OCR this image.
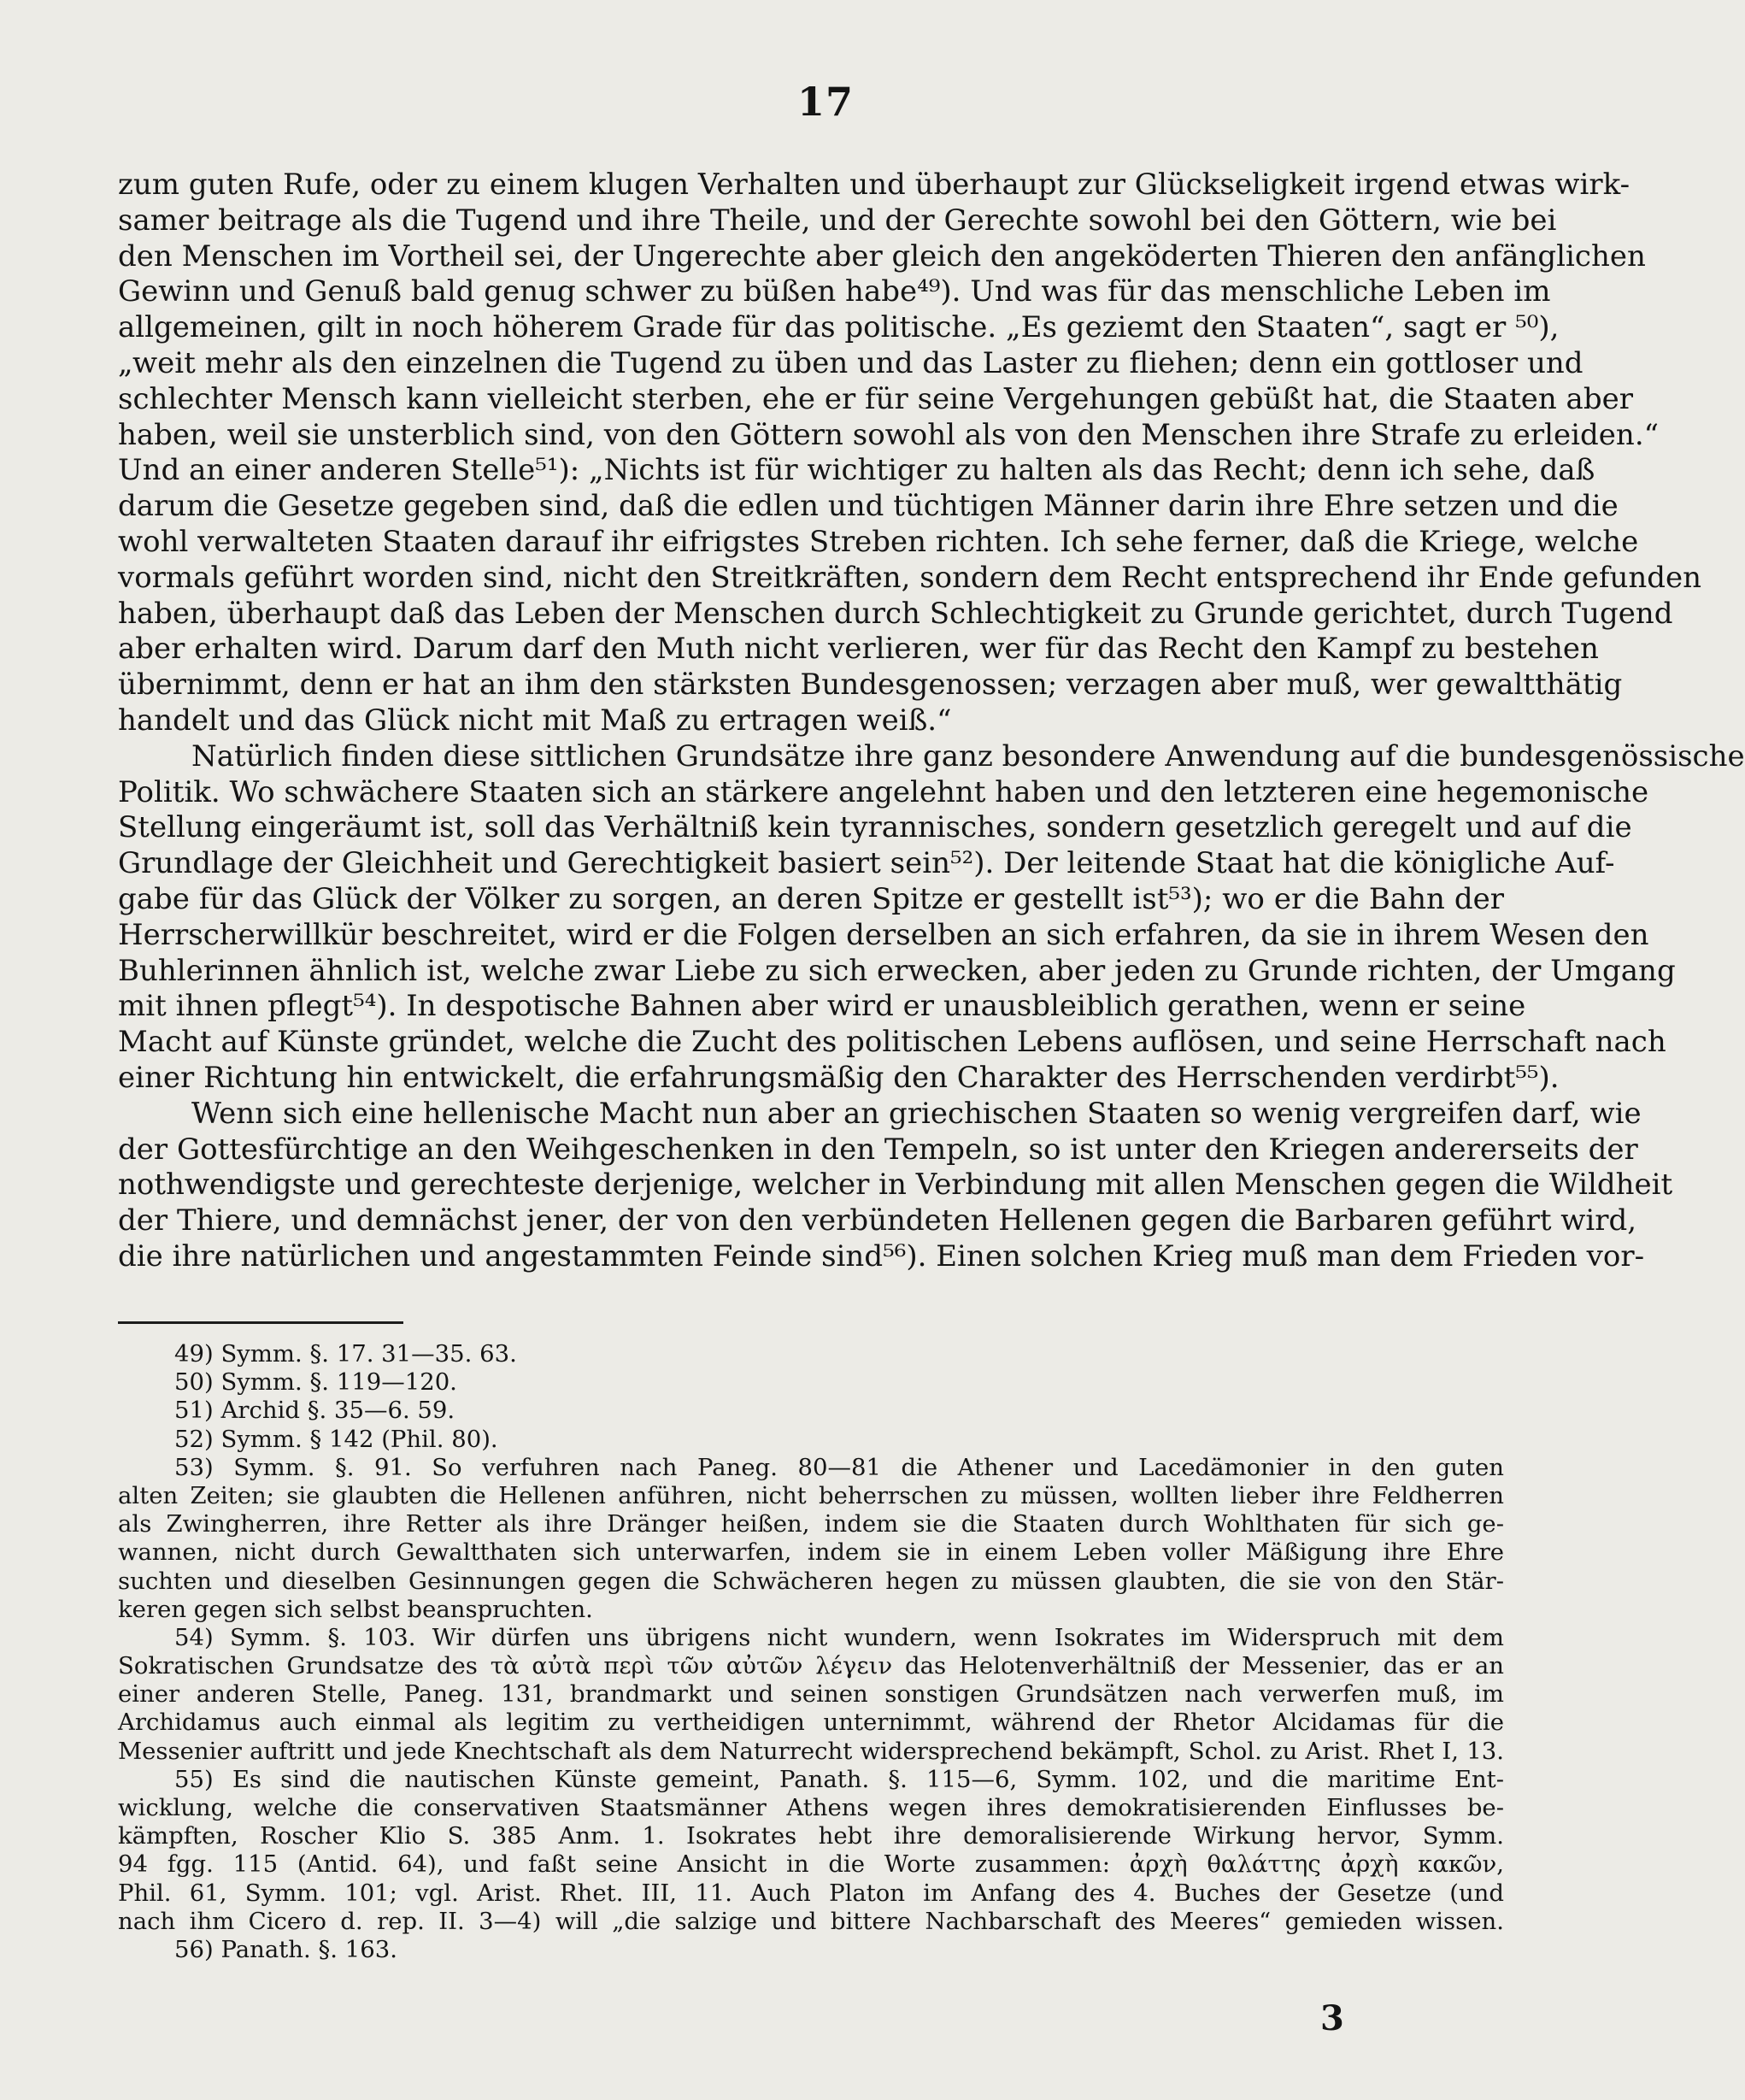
17
zum guten Rufe, oder zu einem klugen Verhalten und überhaupt zur Glückseligkeit irgend etwas wirk-
samer beitrage als die Tugend und ihre Theile, und der Gerechte sowohl bei den Göttern, wie bei
den Menschen im Vortheil sei, der Ungerechte aber gleich den angeköderten Thieren den anfänglichen
Gewinn und Genuß bald genug schwer zu büßen habe⁴⁹). Und was für das menschliche Leben im
allgemeinen, gilt in noch höherem Grade für das politische. „Es geziemt den Staaten“, sagt er ⁵⁰),
„weit mehr als den einzelnen die Tugend zu üben und das Laster zu fliehen; denn ein gottloser und
schlechter Mensch kann vielleicht sterben, ehe er für seine Vergehungen gebüßt hat, die Staaten aber
haben, weil sie unsterblich sind, von den Göttern sowohl als von den Menschen ihre Strafe zu erleiden.“
Und an einer anderen Stelle⁵¹): „Nichts ist für wichtiger zu halten als das Recht; denn ich sehe, daß
darum die Gesetze gegeben sind, daß die edlen und tüchtigen Männer darin ihre Ehre setzen und die
wohl verwalteten Staaten darauf ihr eifrigstes Streben richten. Ich sehe ferner, daß die Kriege, welche
vormals geführt worden sind, nicht den Streitkräften, sondern dem Recht entsprechend ihr Ende gefunden
haben, überhaupt daß das Leben der Menschen durch Schlechtigkeit zu Grunde gerichtet, durch Tugend
aber erhalten wird. Darum darf den Muth nicht verlieren, wer für das Recht den Kampf zu bestehen
übernimmt, denn er hat an ihm den stärksten Bundesgenossen; verzagen aber muß, wer gewaltthätig
handelt und das Glück nicht mit Maß zu ertragen weiß.“
Natürlich finden diese sittlichen Grundsätze ihre ganz besondere Anwendung auf die bundesgenössische
Politik. Wo schwächere Staaten sich an stärkere angelehnt haben und den letzteren eine hegemonische
Stellung eingeräumt ist, soll das Verhältniß kein tyrannisches, sondern gesetzlich geregelt und auf die
Grundlage der Gleichheit und Gerechtigkeit basiert sein⁵²). Der leitende Staat hat die königliche Auf-
gabe für das Glück der Völker zu sorgen, an deren Spitze er gestellt ist⁵³); wo er die Bahn der
Herrscherwillkür beschreitet, wird er die Folgen derselben an sich erfahren, da sie in ihrem Wesen den
Buhlerinnen ähnlich ist, welche zwar Liebe zu sich erwecken, aber jeden zu Grunde richten, der Umgang
mit ihnen pflegt⁵⁴). In despotische Bahnen aber wird er unausbleiblich gerathen, wenn er seine
Macht auf Künste gründet, welche die Zucht des politischen Lebens auflösen, und seine Herrschaft nach
einer Richtung hin entwickelt, die erfahrungsmäßig den Charakter des Herrschenden verdirbt⁵⁵).
Wenn sich eine hellenische Macht nun aber an griechischen Staaten so wenig vergreifen darf, wie
der Gottesfürchtige an den Weihgeschenken in den Tempeln, so ist unter den Kriegen andererseits der
nothwendigste und gerechteste derjenige, welcher in Verbindung mit allen Menschen gegen die Wildheit
der Thiere, und demnächst jener, der von den verbündeten Hellenen gegen die Barbaren geführt wird,
die ihre natürlichen und angestammten Feinde sind⁵⁶). Einen solchen Krieg muß man dem Frieden vor-
49) Symm. §. 17. 31—35. 63.
50) Symm. §. 119—120.
51) Archid §. 35—6. 59.
52) Symm. § 142 (Phil. 80).
53) Symm. §. 91. So verfuhren nach Paneg. 80—81 die Athener und Lacedämonier in den guten
alten Zeiten; sie glaubten die Hellenen anführen, nicht beherrschen zu müssen, wollten lieber ihre Feldherren
als Zwingherren, ihre Retter als ihre Dränger heißen, indem sie die Staaten durch Wohlthaten für sich ge-
wannen, nicht durch Gewaltthaten sich unterwarfen, indem sie in einem Leben voller Mäßigung ihre Ehre
suchten und dieselben Gesinnungen gegen die Schwächeren hegen zu müssen glaubten, die sie von den Stär-
keren gegen sich selbst beanspruchten.
54) Symm. §. 103. Wir dürfen uns übrigens nicht wundern, wenn Isokrates im Widerspruch mit dem
Sokratischen Grundsatze des τὰ αὐτὰ περὶ τῶν αὐτῶν λέγειν das Helotenverhältniß der Messenier, das er an
einer anderen Stelle, Paneg. 131, brandmarkt und seinen sonstigen Grundsätzen nach verwerfen muß, im
Archidamus auch einmal als legitim zu vertheidigen unternimmt, während der Rhetor Alcidamas für die
Messenier auftritt und jede Knechtschaft als dem Naturrecht widersprechend bekämpft, Schol. zu Arist. Rhet I, 13.
55) Es sind die nautischen Künste gemeint, Panath. §. 115—6, Symm. 102, und die maritime Ent-
wicklung, welche die conservativen Staatsmänner Athens wegen ihres demokratisierenden Einflusses be-
kämpften, Roscher Klio S. 385 Anm. 1. Isokrates hebt ihre demoralisierende Wirkung hervor, Symm.
94 fgg. 115 (Antid. 64), und faßt seine Ansicht in die Worte zusammen: ἀρχὴ θαλάττης ἀρχὴ κακῶν,
Phil. 61, Symm. 101; vgl. Arist. Rhet. III, 11. Auch Platon im Anfang des 4. Buches der Gesetze (und
nach ihm Cicero d. rep. II. 3—4) will „die salzige und bittere Nachbarschaft des Meeres“ gemieden wissen.
56) Panath. §. 163.
3
